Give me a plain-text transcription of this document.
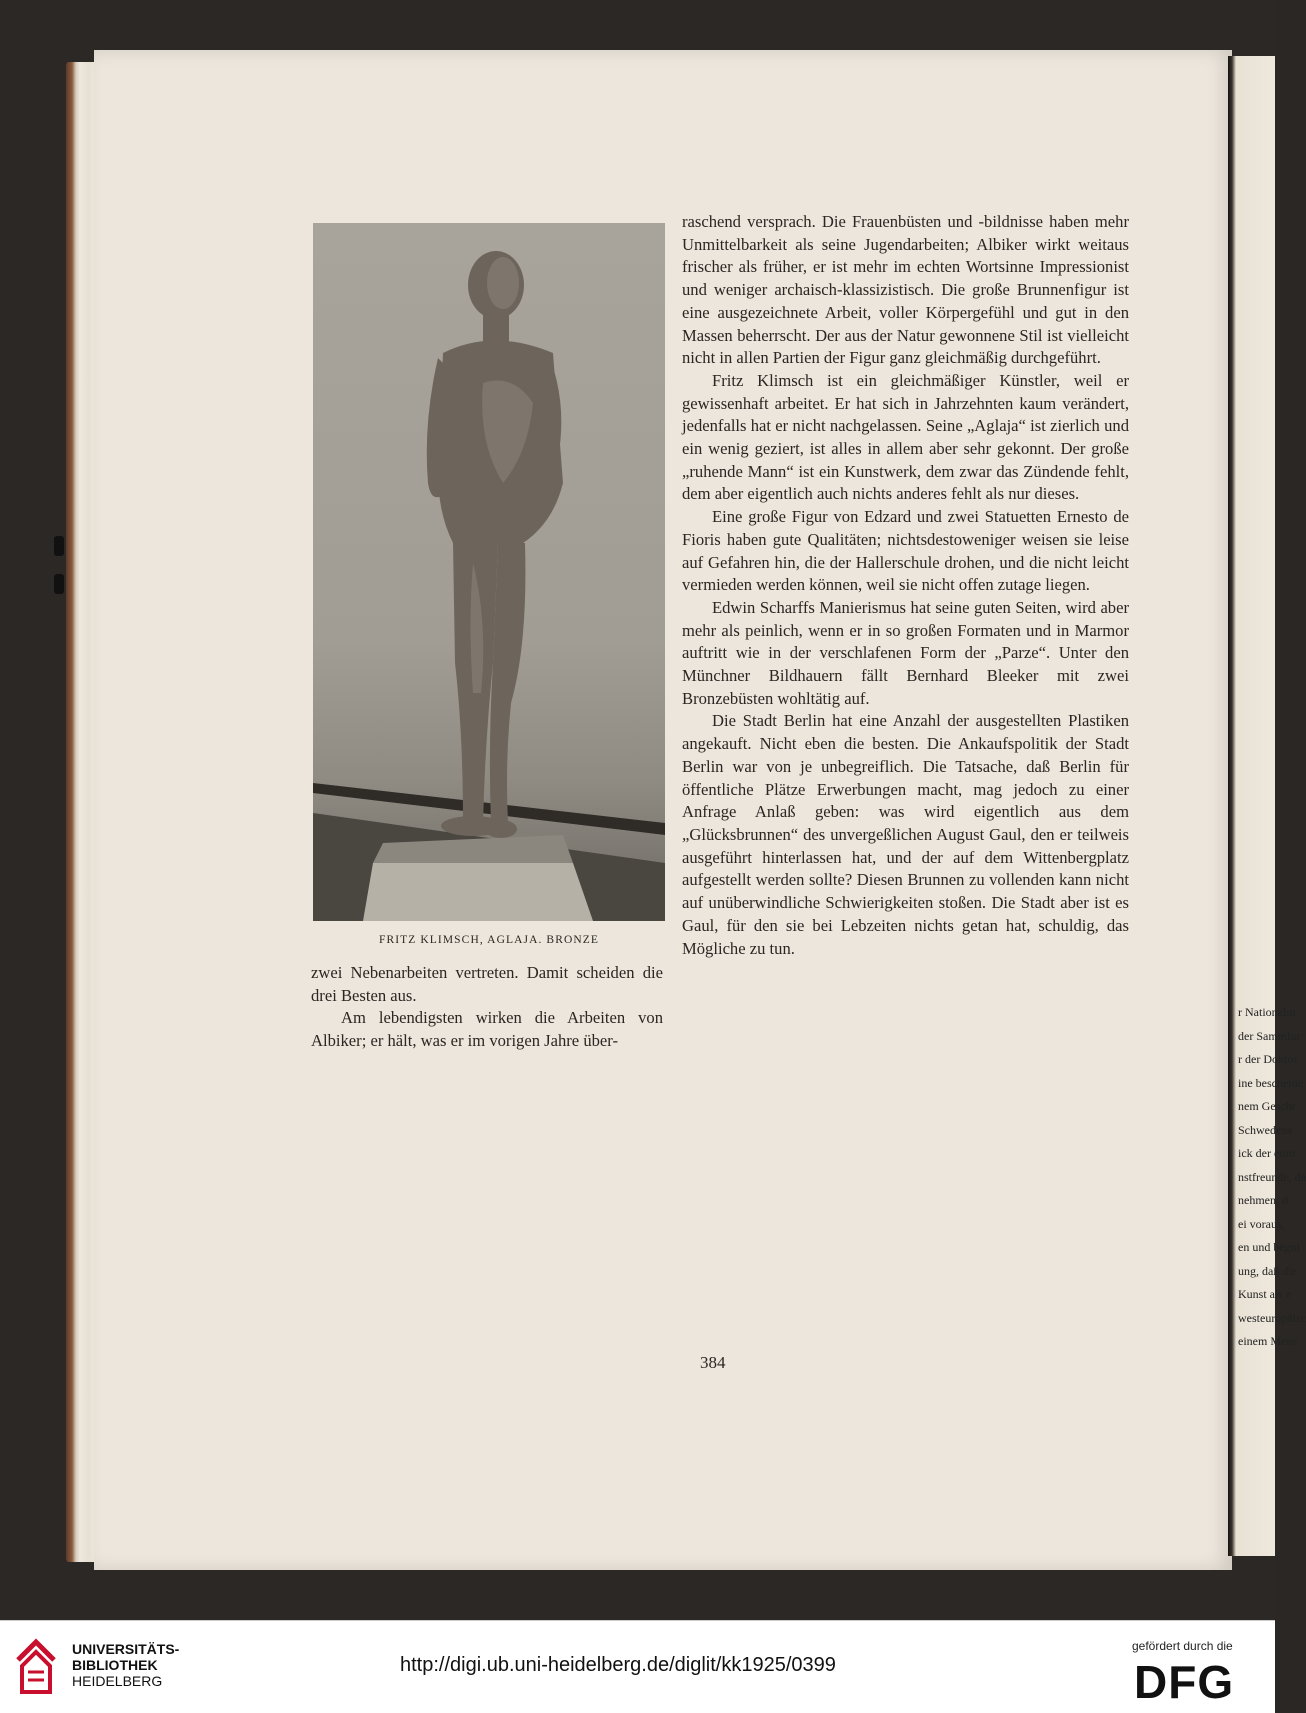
r Nationalm
der Sammlur
r der Doktor
ine bescheide
nem Geschr
Schwedens
ick der euro
nstfreunde, da
nehmen, d
ei voraus,
en und begni
ung, daß die
Kunst als e
westeuropäisc
einem Mens
FRITZ KLIMSCH, AGLAJA. BRONZE

zwei Nebenarbeiten vertreten. Damit scheiden die drei Besten aus.

Am lebendigsten wirken die Arbeiten von Albiker; er hält, was er im vorigen Jahre über-

raschend versprach. Die Frauenbüsten und -bildnisse haben mehr Unmittelbarkeit als seine Jugendarbeiten; Albiker wirkt weitaus frischer als früher, er ist mehr im echten Wortsinne Impressionist und weniger archaisch-klassizistisch. Die große Brunnenfigur ist eine ausgezeichnete Arbeit, voller Körpergefühl und gut in den Massen beherrscht. Der aus der Natur gewonnene Stil ist vielleicht nicht in allen Partien der Figur ganz gleichmäßig durchgeführt.

Fritz Klimsch ist ein gleichmäßiger Künstler, weil er gewissenhaft arbeitet. Er hat sich in Jahrzehnten kaum verändert, jedenfalls hat er nicht nachgelassen. Seine „Aglaja“ ist zierlich und ein wenig geziert, ist alles in allem aber sehr gekonnt. Der große „ruhende Mann“ ist ein Kunstwerk, dem zwar das Zündende fehlt, dem aber eigentlich auch nichts anderes fehlt als nur dieses.

Eine große Figur von Edzard und zwei Statuetten Ernesto de Fioris haben gute Qualitäten; nichtsdestoweniger weisen sie leise auf Gefahren hin, die der Hallerschule drohen, und die nicht leicht vermieden werden können, weil sie nicht offen zutage liegen.

Edwin Scharffs Manierismus hat seine guten Seiten, wird aber mehr als peinlich, wenn er in so großen Formaten und in Marmor auftritt wie in der verschlafenen Form der „Parze“. Unter den Münchner Bildhauern fällt Bernhard Bleeker mit zwei Bronzebüsten wohltätig auf.

Die Stadt Berlin hat eine Anzahl der ausgestellten Plastiken angekauft. Nicht eben die besten. Die Ankaufspolitik der Stadt Berlin war von je unbegreiflich. Die Tatsache, daß Berlin für öffentliche Plätze Erwerbungen macht, mag jedoch zu einer Anfrage Anlaß geben: was wird eigentlich aus dem „Glücksbrunnen“ des unvergeßlichen August Gaul, den er teilweis ausgeführt hinterlassen hat, und der auf dem Wittenbergplatz aufgestellt werden sollte? Diesen Brunnen zu vollenden kann nicht auf unüberwindliche Schwierigkeiten stoßen. Die Stadt aber ist es Gaul, für den sie bei Lebzeiten nichts getan hat, schuldig, das Mögliche zu tun.

384
UNIVERSITÄTS-
BIBLIOTHEK
HEIDELBERG
http://digi.ub.uni-heidelberg.de/diglit/kk1925/0399
gefördert durch die
DFG
